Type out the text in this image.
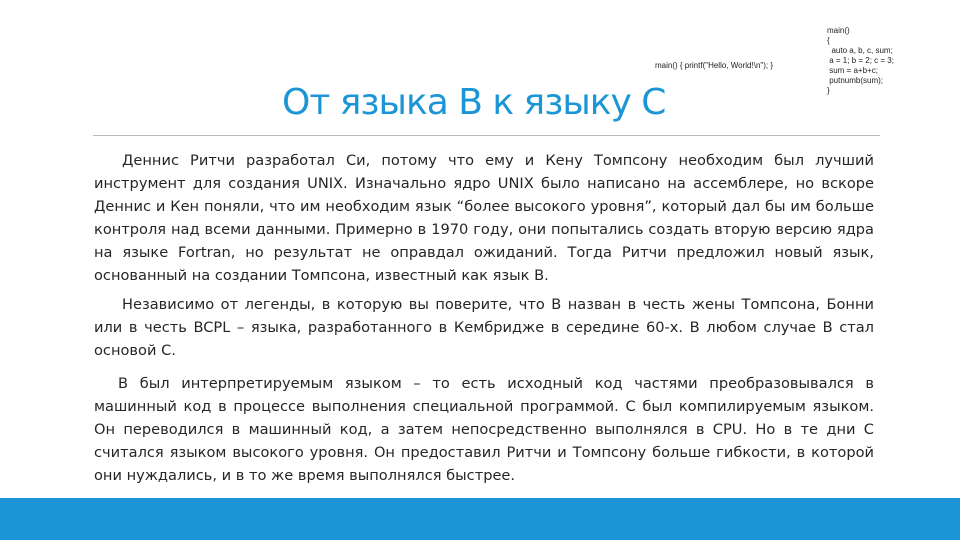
main() { printf("Hello, World!\n"); }
main()
{
auto a, b, c, sum;
a = 1; b = 2; c = 3;
sum = a+b+c;
putnumb(sum);
}
От языка B к языку C

Деннис Ритчи разработал Си, потому что ему и Кену Томпсону необходим был лучший инструмент для создания UNIX. Изначально ядро UNIX было написано на ассемблере, но вскоре Деннис и Кен поняли, что им необходим язык “более высокого уровня”, который дал бы им больше контроля над всеми данными. Примерно в 1970 году, они попытались создать вторую версию ядра на языке Fortran, но результат не оправдал ожиданий. Тогда Ритчи предложил новый язык, основанный на создании Томпсона, известный как язык B.

Независимо от легенды, в которую вы поверите, что B назван в честь жены Томпсона, Бонни или в честь BCPL – языка, разработанного в Кембридже в середине 60-х. В любом случае B стал основой C.

B был интерпретируемым языком – то есть исходный код частями преобразовывался в машинный код в процессе выполнения специальной программой. C был компилируемым языком. Он переводился в машинный код, а затем непосредственно выполнялся в CPU. Но в те дни C считался языком высокого уровня. Он предоставил Ритчи и Томпсону больше гибкости, в которой они нуждались, и в то же время выполнялся быстрее.
